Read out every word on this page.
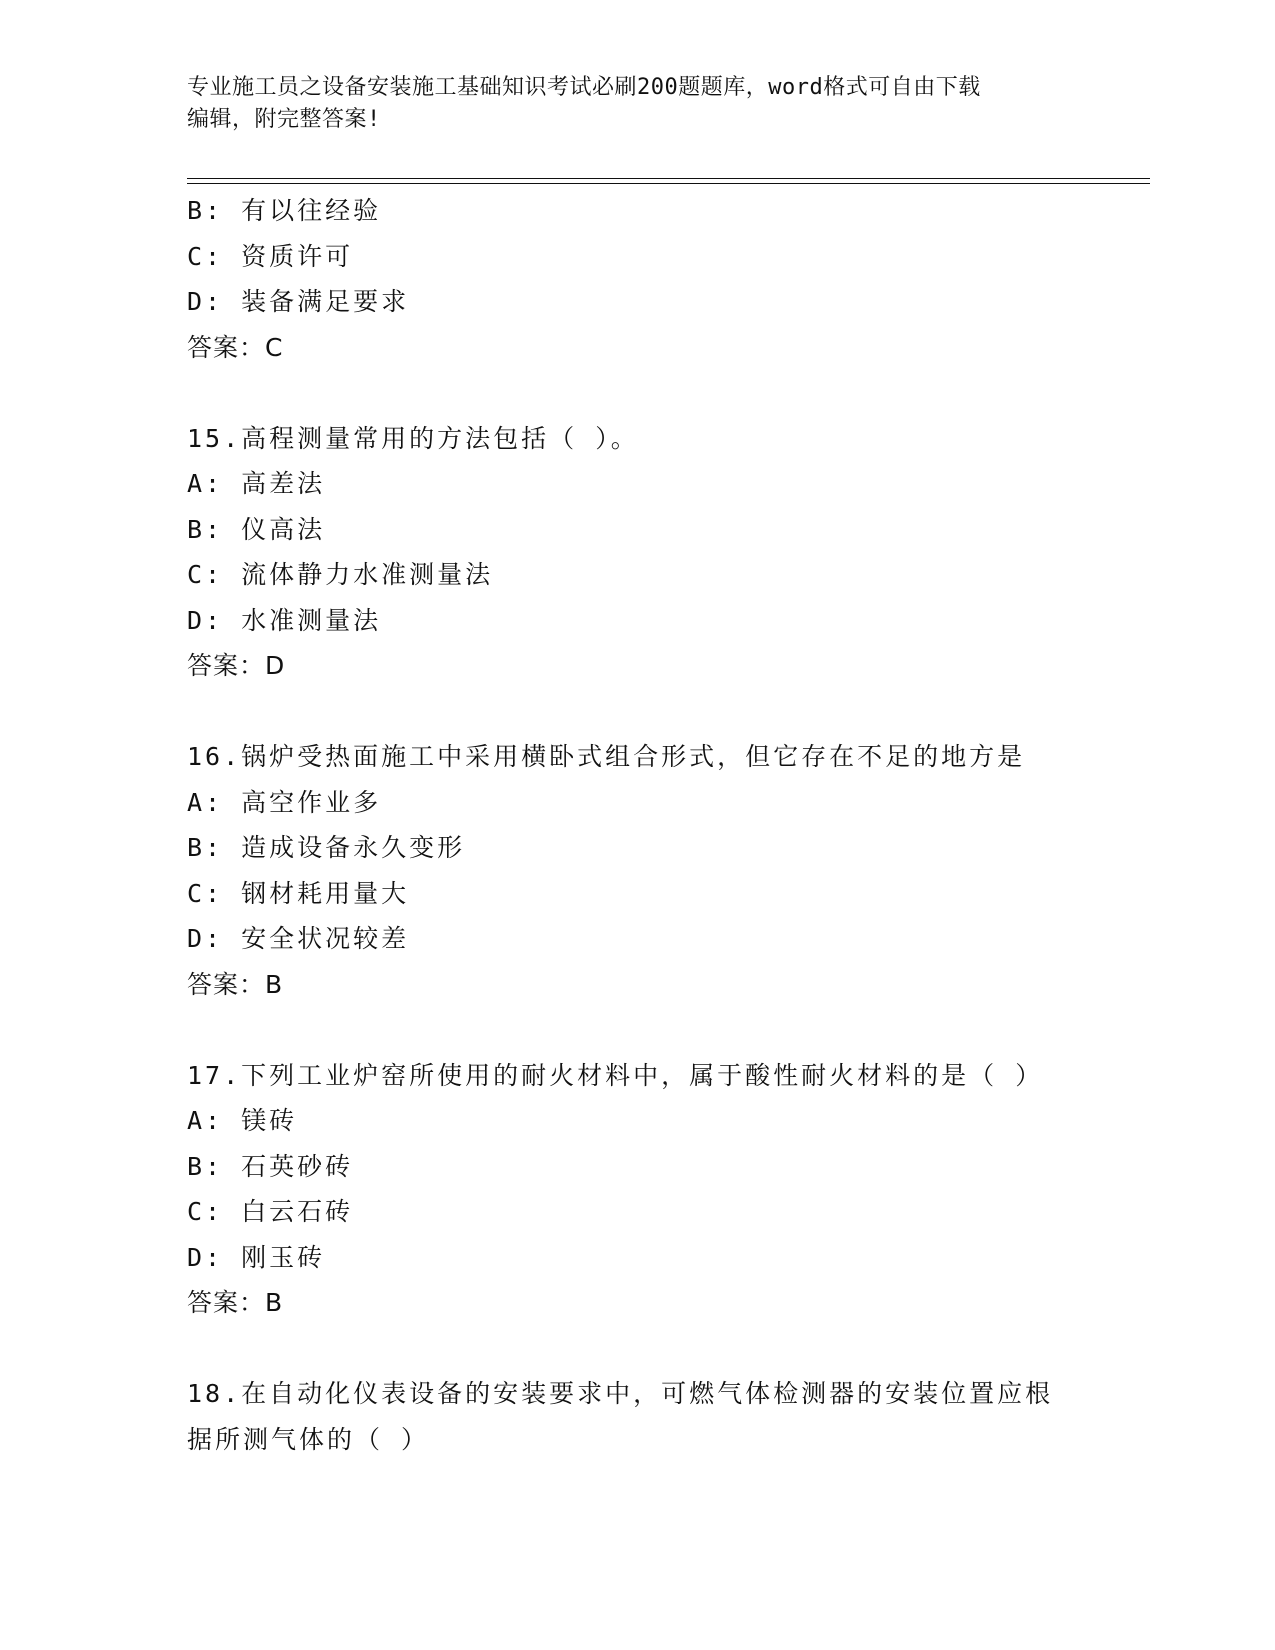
专业施工员之设备安装施工基础知识考试必刷200题题库，word格式可自由下载
编辑，附完整答案!
B: 有以往经验
C: 资质许可
D: 装备满足要求
答案：C
15.高程测量常用的方法包括（ ）。
A: 高差法
B: 仪高法
C: 流体静力水准测量法
D: 水准测量法
答案：D
16.锅炉受热面施工中采用横卧式组合形式，但它存在不足的地方是
A: 高空作业多
B: 造成设备永久变形
C: 钢材耗用量大
D: 安全状况较差
答案：B
17.下列工业炉窑所使用的耐火材料中，属于酸性耐火材料的是（ ）
A: 镁砖
B: 石英砂砖
C: 白云石砖
D: 刚玉砖
答案：B
18.在自动化仪表设备的安装要求中，可燃气体检测器的安装位置应根
据所测气体的（ ）
